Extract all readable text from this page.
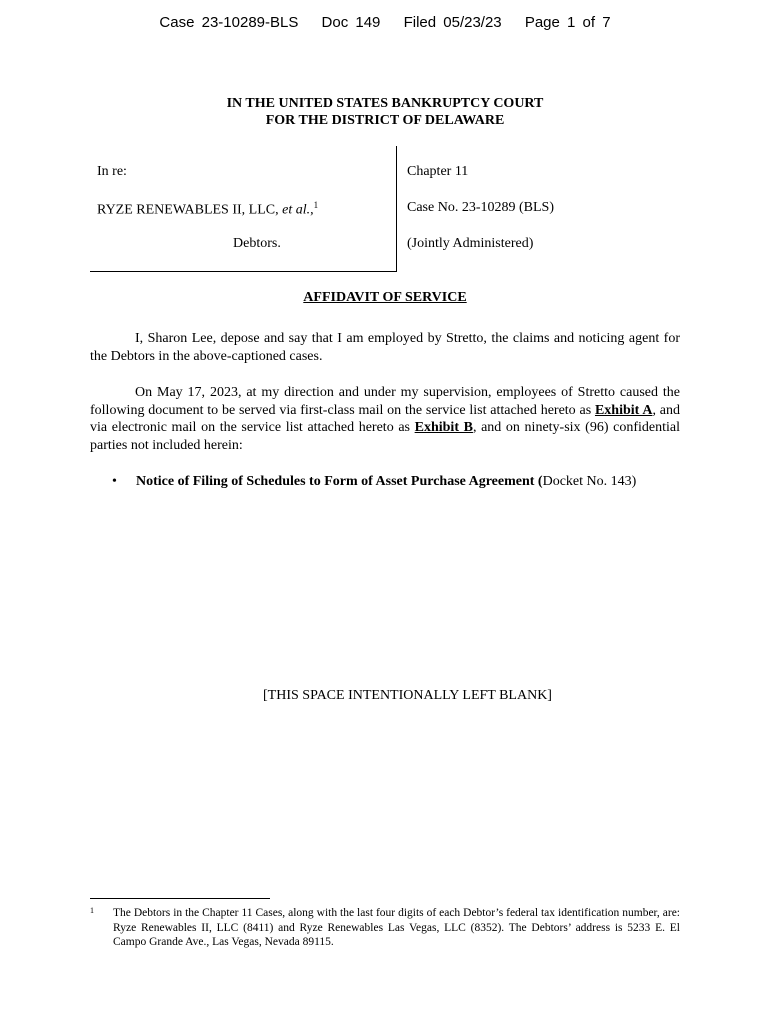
Case 23-10289-BLS Doc 149 Filed 05/23/23 Page 1 of 7
IN THE UNITED STATES BANKRUPTCY COURT
FOR THE DISTRICT OF DELAWARE
In re:
RYZE RENEWABLES II, LLC, et al.,$^1$
Debtors.
Chapter 11
Case No. 23-10289 (BLS)
(Jointly Administered)
AFFIDAVIT OF SERVICE

I, Sharon Lee, depose and say that I am employed by Stretto, the claims and noticing agent for the Debtors in the above-captioned cases.

On May 17, 2023, at my direction and under my supervision, employees of Stretto caused the following document to be served via first-class mail on the service list attached hereto as Exhibit A, and via electronic mail on the service list attached hereto as Exhibit B, and on ninety-six (96) confidential parties not included herein:

• Notice of Filing of Schedules to Form of Asset Purchase Agreement (Docket No. 143)
[THIS SPACE INTENTIONALLY LEFT BLANK]
1 The Debtors in the Chapter 11 Cases, along with the last four digits of each Debtor’s federal tax identification number, are: Ryze Renewables II, LLC (8411) and Ryze Renewables Las Vegas, LLC (8352). The Debtors’ address is 5233 E. El Campo Grande Ave., Las Vegas, Nevada 89115.
